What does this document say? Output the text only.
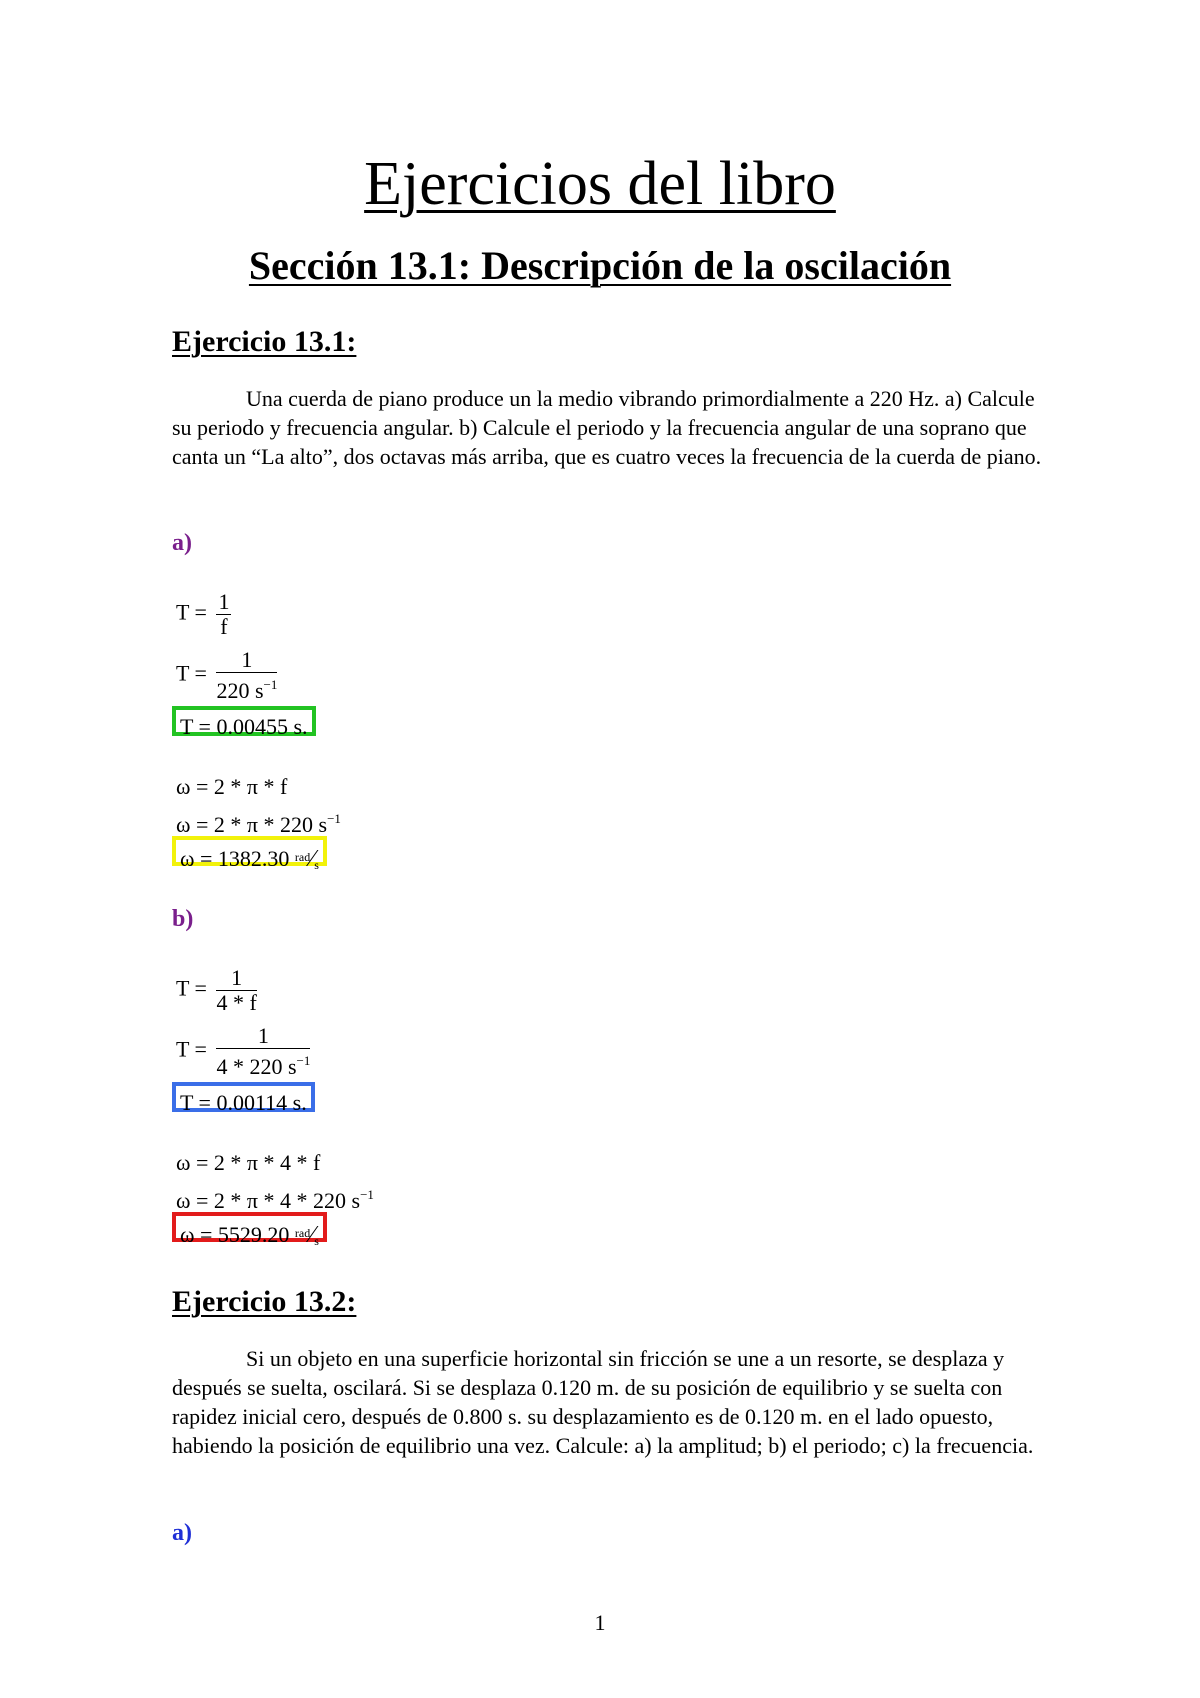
Ejercicios del libro
Sección 13.1: Descripción de la oscilación
Ejercicio 13.1:

Una cuerda de piano produce un la medio vibrando primordialmente a 220 Hz. a) Calcule su periodo y frecuencia angular. b) Calcule el periodo y la frecuencia angular de una soprano que canta un “La alto”, dos octavas más arriba, que es cuatro veces la frecuencia de la cuerda de piano.

a)
$T = \frac{1}{f}$
$T = \frac{1}{220 s^{-1}}$
T = 0.00455 s.
ω = 2 * π * f
ω = 2 * π * 220 $s^{-1}$
ω = 1382.30 $^{rad}$⁄s
b)
$T = \frac{1}{4 * f}$
$T = \frac{1}{4 * 220 s^{-1}}$
T = 0.00114 s.
ω = 2 * π * 4 * f
ω = 2 * π * 4 * 220 $s^{-1}$
ω = 5529.20 $^{rad}$⁄s
Ejercicio 13.2:

Si un objeto en una superficie horizontal sin fricción se une a un resorte, se desplaza y después se suelta, oscilará. Si se desplaza 0.120 m. de su posición de equilibrio y se suelta con rapidez inicial cero, después de 0.800 s. su desplazamiento es de 0.120 m. en el lado opuesto, habiendo la posición de equilibrio una vez. Calcule: a) la amplitud; b) el periodo; c) la frecuencia.

a)
1
